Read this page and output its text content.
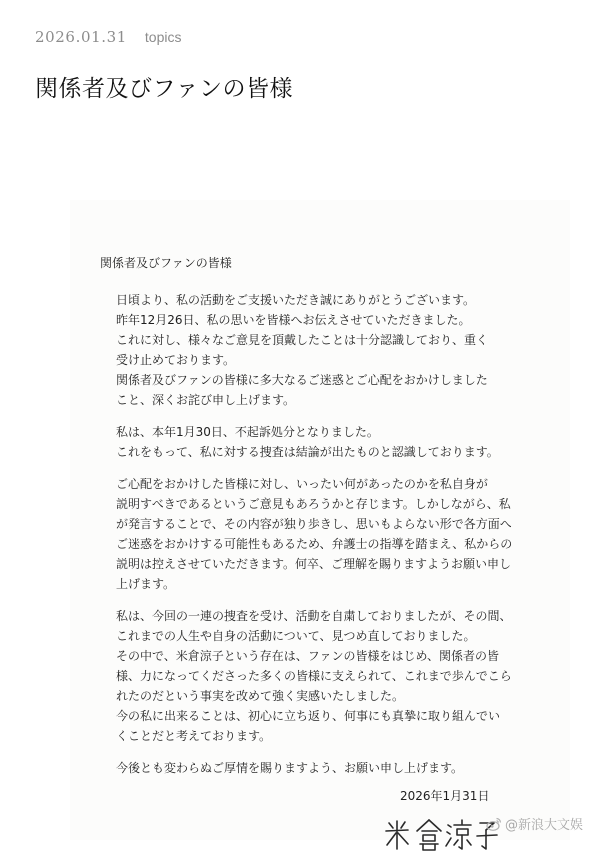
2026.01.31 topics
関係者及びファンの皆様
関係者及びファンの皆様

日頃より、私の活動をご支援いただき誠にありがとうございます。
昨年12月26日、私の思いを皆様へお伝えさせていただきました。
これに対し、様々なご意見を頂戴したことは十分認識しており、重く
受け止めております。
関係者及びファンの皆様に多大なるご迷惑とご心配をおかけしました
こと、深くお詫び申し上げます。

私は、本年1月30日、不起訴処分となりました。
これをもって、私に対する捜査は結論が出たものと認識しております。

ご心配をおかけした皆様に対し、いったい何があったのかを私自身が
説明すべきであるというご意見もあろうかと存じます。しかしながら、私
が発言することで、その内容が独り歩きし、思いもよらない形で各方面へ
ご迷惑をおかけする可能性もあるため、弁護士の指導を踏まえ、私からの
説明は控えさせていただきます。何卒、ご理解を賜りますようお願い申し
上げます。

私は、今回の一連の捜査を受け、活動を自粛しておりましたが、その間、
これまでの人生や自身の活動について、見つめ直しておりました。
その中で、米倉涼子という存在は、ファンの皆様をはじめ、関係者の皆
様、力になってくださった多くの皆様に支えられて、これまで歩んでこら
れたのだという事実を改めて強く実感いたしました。
今の私に出来ることは、初心に立ち返り、何事にも真摯に取り組んでい
くことだと考えております。

今後とも変わらぬご厚情を賜りますよう、お願い申し上げます。

2026年1月31日
@新浪大文娱
